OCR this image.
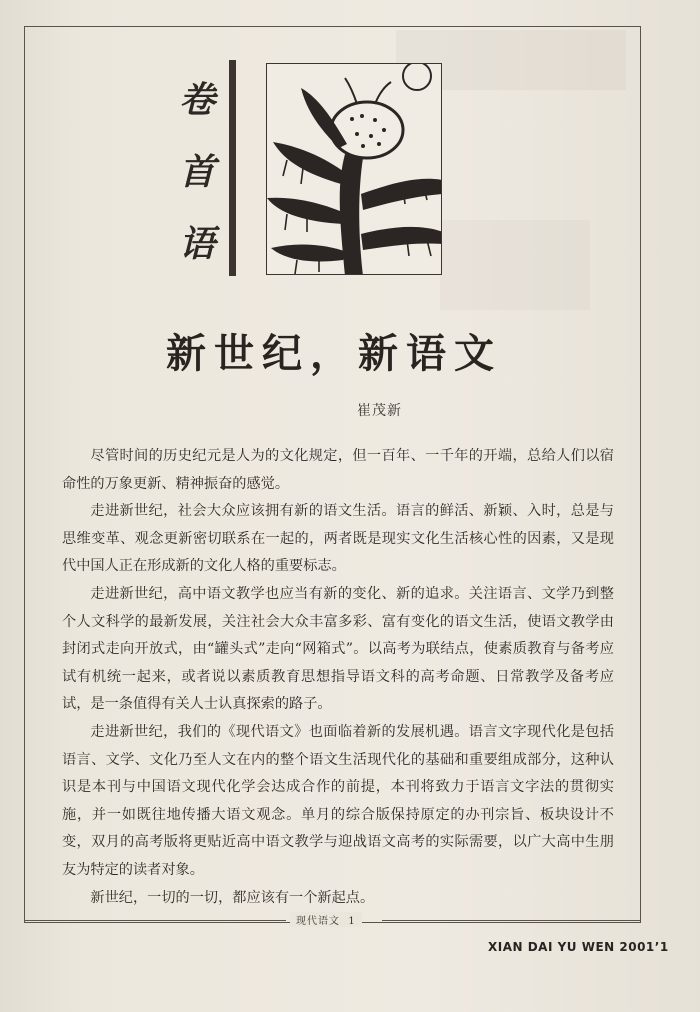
卷
首
语
新世纪，新语文
崔茂新

尽管时间的历史纪元是人为的文化规定，但一百年、一千年的开端，总给人们以宿命性的万象更新、精神振奋的感觉。

走进新世纪，社会大众应该拥有新的语文生活。语言的鲜活、新颖、入时，总是与思维变革、观念更新密切联系在一起的，两者既是现实文化生活核心性的因素，又是现代中国人正在形成新的文化人格的重要标志。

走进新世纪，高中语文教学也应当有新的变化、新的追求。关注语言、文学乃到整个人文科学的最新发展，关注社会大众丰富多彩、富有变化的语文生活，使语文教学由封闭式走向开放式，由“罐头式”走向“网箱式”。以高考为联结点，使素质教育与备考应试有机统一起来，或者说以素质教育思想指导语文科的高考命题、日常教学及备考应试，是一条值得有关人士认真探索的路子。

走进新世纪，我们的《现代语文》也面临着新的发展机遇。语言文字现代化是包括语言、文学、文化乃至人文在内的整个语文生活现代化的基础和重要组成部分，这种认识是本刊与中国语文现代化学会达成合作的前提，本刊将致力于语言文字法的贯彻实施，并一如既往地传播大语文观念。单月的综合版保持原定的办刊宗旨、板块设计不变，双月的高考版将更贴近高中语文教学与迎战语文高考的实际需要，以广大高中生朋友为特定的读者对象。

新世纪，一切的一切，都应该有一个新起点。

现代语文 1
XIAN DAI YU WEN 2001’1
